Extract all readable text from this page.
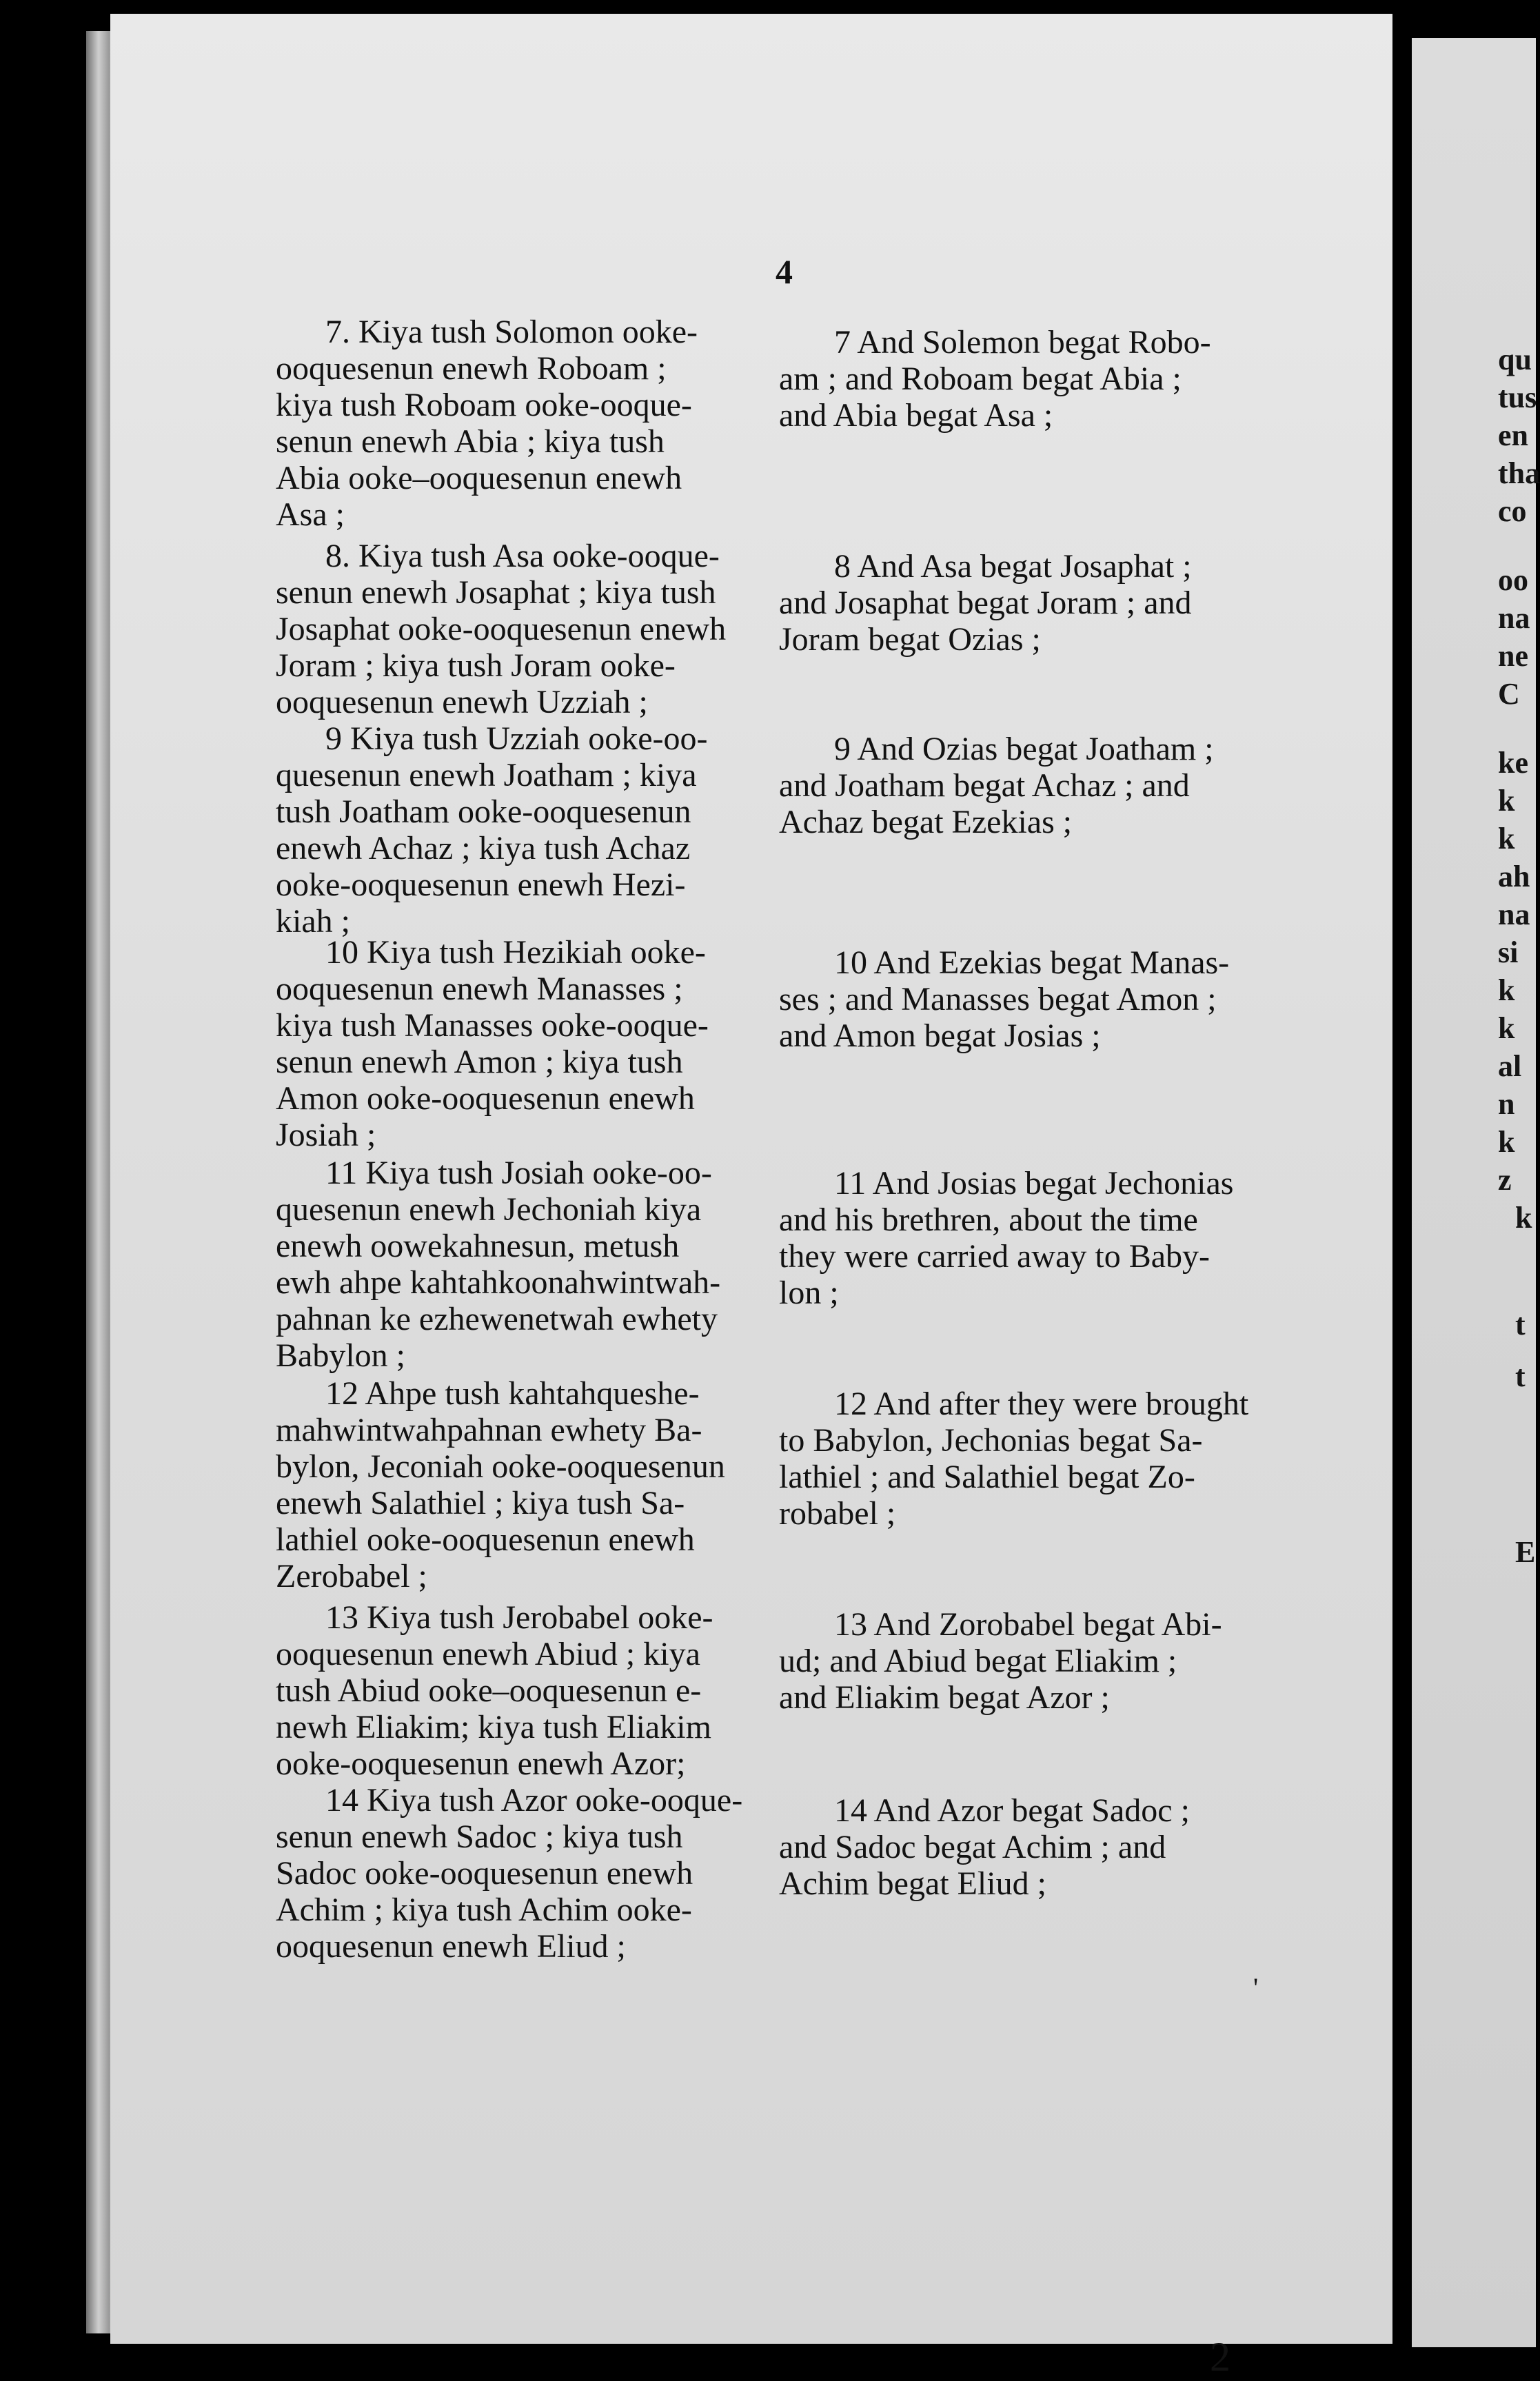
qu
tus
en
tha
co
oo
na
ne
C
ke
k
k
ah
na
si
k
k
al
n
k
z
k
t
t
E
4
7. Kiya tush Solomon ooke-
ooquesenun enewh Roboam ;
kiya tush Roboam ooke-ooque-
senun enewh Abia ; kiya tush
Abia ooke–ooquesenun enewh
Asa ;
8. Kiya tush Asa ooke-ooque-
senun enewh Josaphat ; kiya tush
Josaphat ooke-ooquesenun enewh
Joram ; kiya tush Joram ooke-
ooquesenun enewh Uzziah ;
9 Kiya tush Uzziah ooke-oo-
quesenun enewh Joatham ; kiya
tush Joatham ooke-ooquesenun
enewh Achaz ; kiya tush Achaz
ooke-ooquesenun enewh Hezi-
kiah ;
10 Kiya tush Hezikiah ooke-
ooquesenun enewh Manasses ;
kiya tush Manasses ooke-ooque-
senun enewh Amon ; kiya tush
Amon ooke-ooquesenun enewh
Josiah ;
11 Kiya tush Josiah ooke-oo-
quesenun enewh Jechoniah kiya
enewh oowekahnesun, metush
ewh ahpe kahtahkoonahwintwah-
pahnan ke ezhewenetwah ewhety
Babylon ;
12 Ahpe tush kahtahqueshe-
mahwintwahpahnan ewhety Ba-
bylon, Jeconiah ooke-ooquesenun
enewh Salathiel ; kiya tush Sa-
lathiel ooke-ooquesenun enewh
Zerobabel ;
13 Kiya tush Jerobabel ooke-
ooquesenun enewh Abiud ; kiya
tush Abiud ooke–ooquesenun e-
newh Eliakim; kiya tush Eliakim
ooke-ooquesenun enewh Azor;
14 Kiya tush Azor ooke-ooque-
senun enewh Sadoc ; kiya tush
Sadoc ooke-ooquesenun enewh
Achim ; kiya tush Achim ooke-
ooquesenun enewh Eliud ;
7 And Solemon begat Robo-
am ; and Roboam begat Abia ;
and Abia begat Asa ;
8 And Asa begat Josaphat ;
and Josaphat begat Joram ; and
Joram begat Ozias ;
9 And Ozias begat Joatham ;
and Joatham begat Achaz ; and
Achaz begat Ezekias ;
10 And Ezekias begat Manas-
ses ; and Manasses begat Amon ;
and Amon begat Josias ;
11 And Josias begat Jechonias
and his brethren, about the time
they were carried away to Baby-
lon ;
12 And after they were brought
to Babylon, Jechonias begat Sa-
lathiel ; and Salathiel begat Zo-
robabel ;
13 And Zorobabel begat Abi-
ud; and Abiud begat Eliakim ;
and Eliakim begat Azor ;
14 And Azor begat Sadoc ;
and Sadoc begat Achim ; and
Achim begat Eliud ;
'
2
